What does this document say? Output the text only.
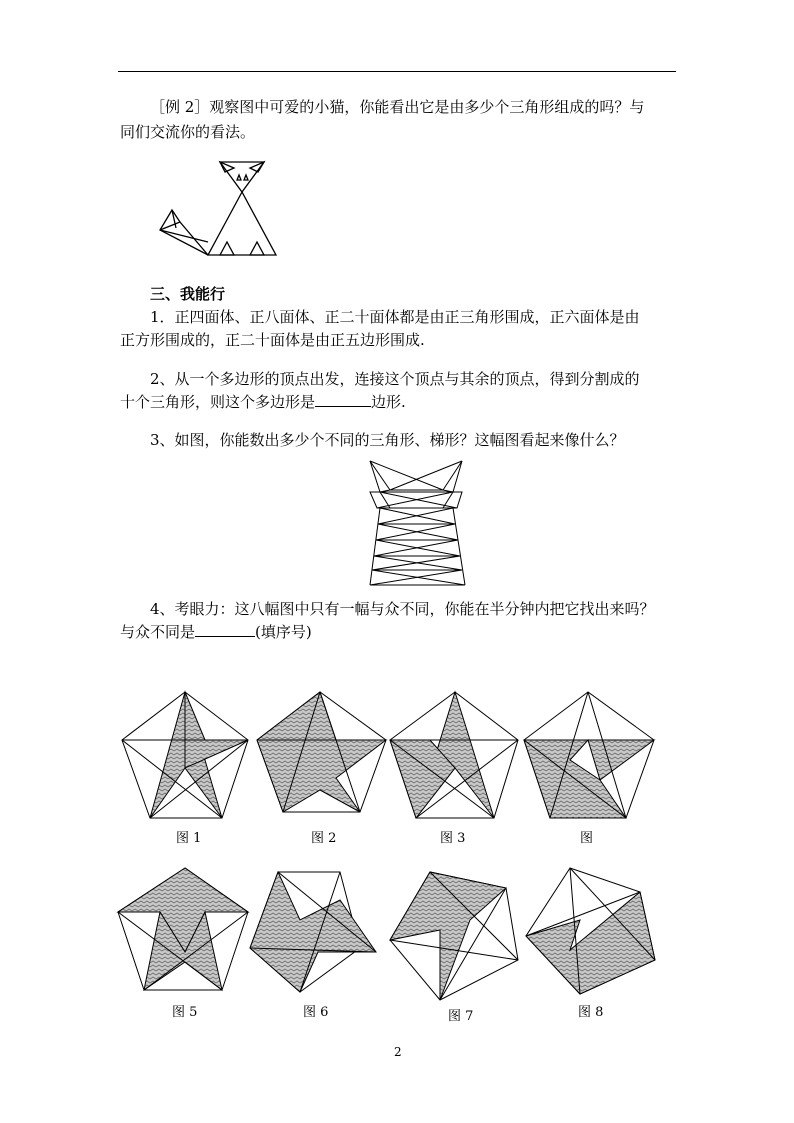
［例 2］观察图中可爱的小猫，你能看出它是由多少个三角形组成的吗？与
同们交流你的看法。
三、我能行
1．正四面体、正八面体、正二十面体都是由正三角形围成，正六面体是由
正方形围成的，正二十面体是由正五边形围成.
2、从一个多边形的顶点出发，连接这个顶点与其余的顶点，得到分割成的
十个三角形，则这个多边形是	边形.
3、如图，你能数出多少个不同的三角形、梯形？这幅图看起来像什么？
4、考眼力：这八幅图中只有一幅与众不同，你能在半分钟内把它找出来吗？
与众不同是	(填序号)
图 1	图 2	图 3	图
图 5	图 6	图 7	图 8
2
